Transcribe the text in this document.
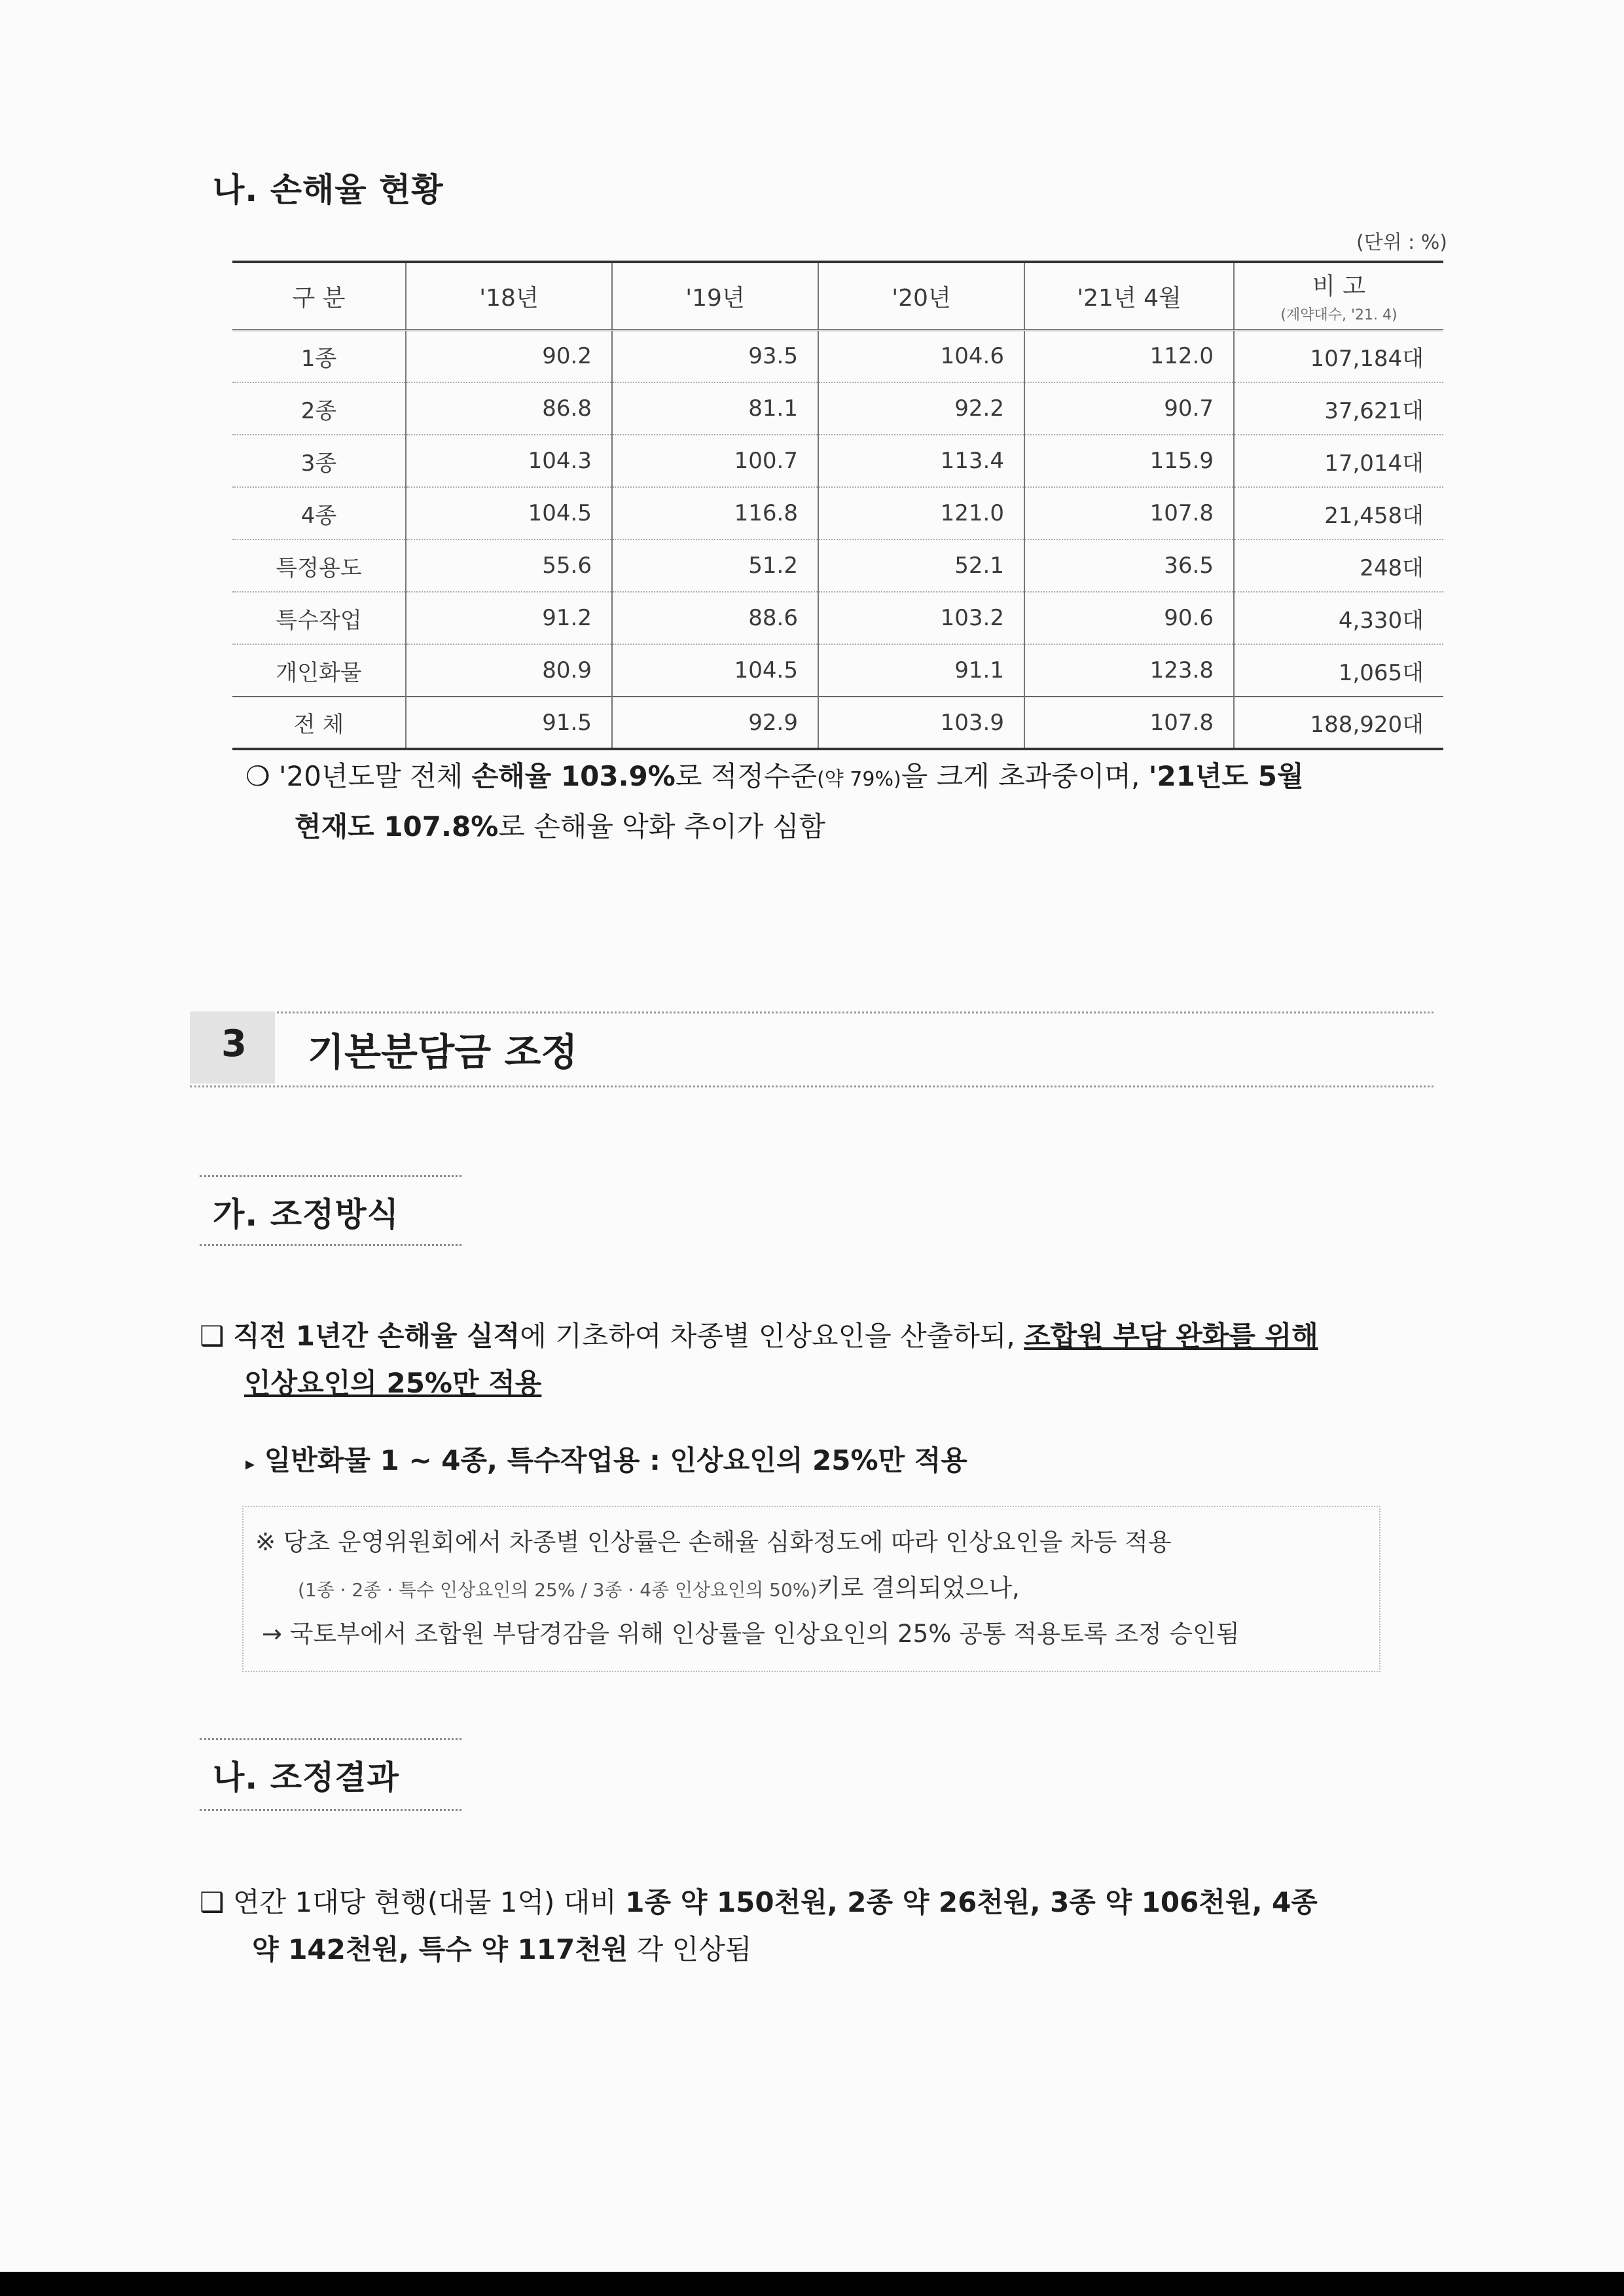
나. 손해율 현황
(단위 : %)
구 분	'18년	'19년	'20년	'21년 4월	비 고
(계약대수, '21. 4)

1종	90.2	93.5	104.6	112.0	107,184대
2종	86.8	81.1	92.2	90.7	37,621대
3종	104.3	100.7	113.4	115.9	17,014대
4종	104.5	116.8	121.0	107.8	21,458대
특정용도	55.6	51.2	52.1	36.5	248대
특수작업	91.2	88.6	103.2	90.6	4,330대
개인화물	80.9	104.5	91.1	123.8	1,065대
전 체	91.5	92.9	103.9	107.8	188,920대
❍ '20년도말 전체 손해율 103.9%로 적정수준(약 79%)을 크게 초과중이며, '21년도 5월
현재도 107.8%로 손해율 악화 추이가 심함
3 기본분담금 조정
가. 조정방식
❑ 직전 1년간 손해율 실적에 기초하여 차종별 인상요인을 산출하되, 조합원 부담 완화를 위해
인상요인의 25%만 적용
▸ 일반화물 1 ~ 4종, 특수작업용 : 인상요인의 25%만 적용
※ 당초 운영위원회에서 차종별 인상률은 손해율 심화정도에 따라 인상요인을 차등 적용
(1종 · 2종 · 특수 인상요인의 25% / 3종 · 4종 인상요인의 50%)키로 결의되었으나,
→ 국토부에서 조합원 부담경감을 위해 인상률을 인상요인의 25% 공통 적용토록 조정 승인됨
나. 조정결과
❑ 연간 1대당 현행(대물 1억) 대비 1종 약 150천원, 2종 약 26천원, 3종 약 106천원, 4종
약 142천원, 특수 약 117천원 각 인상됨
